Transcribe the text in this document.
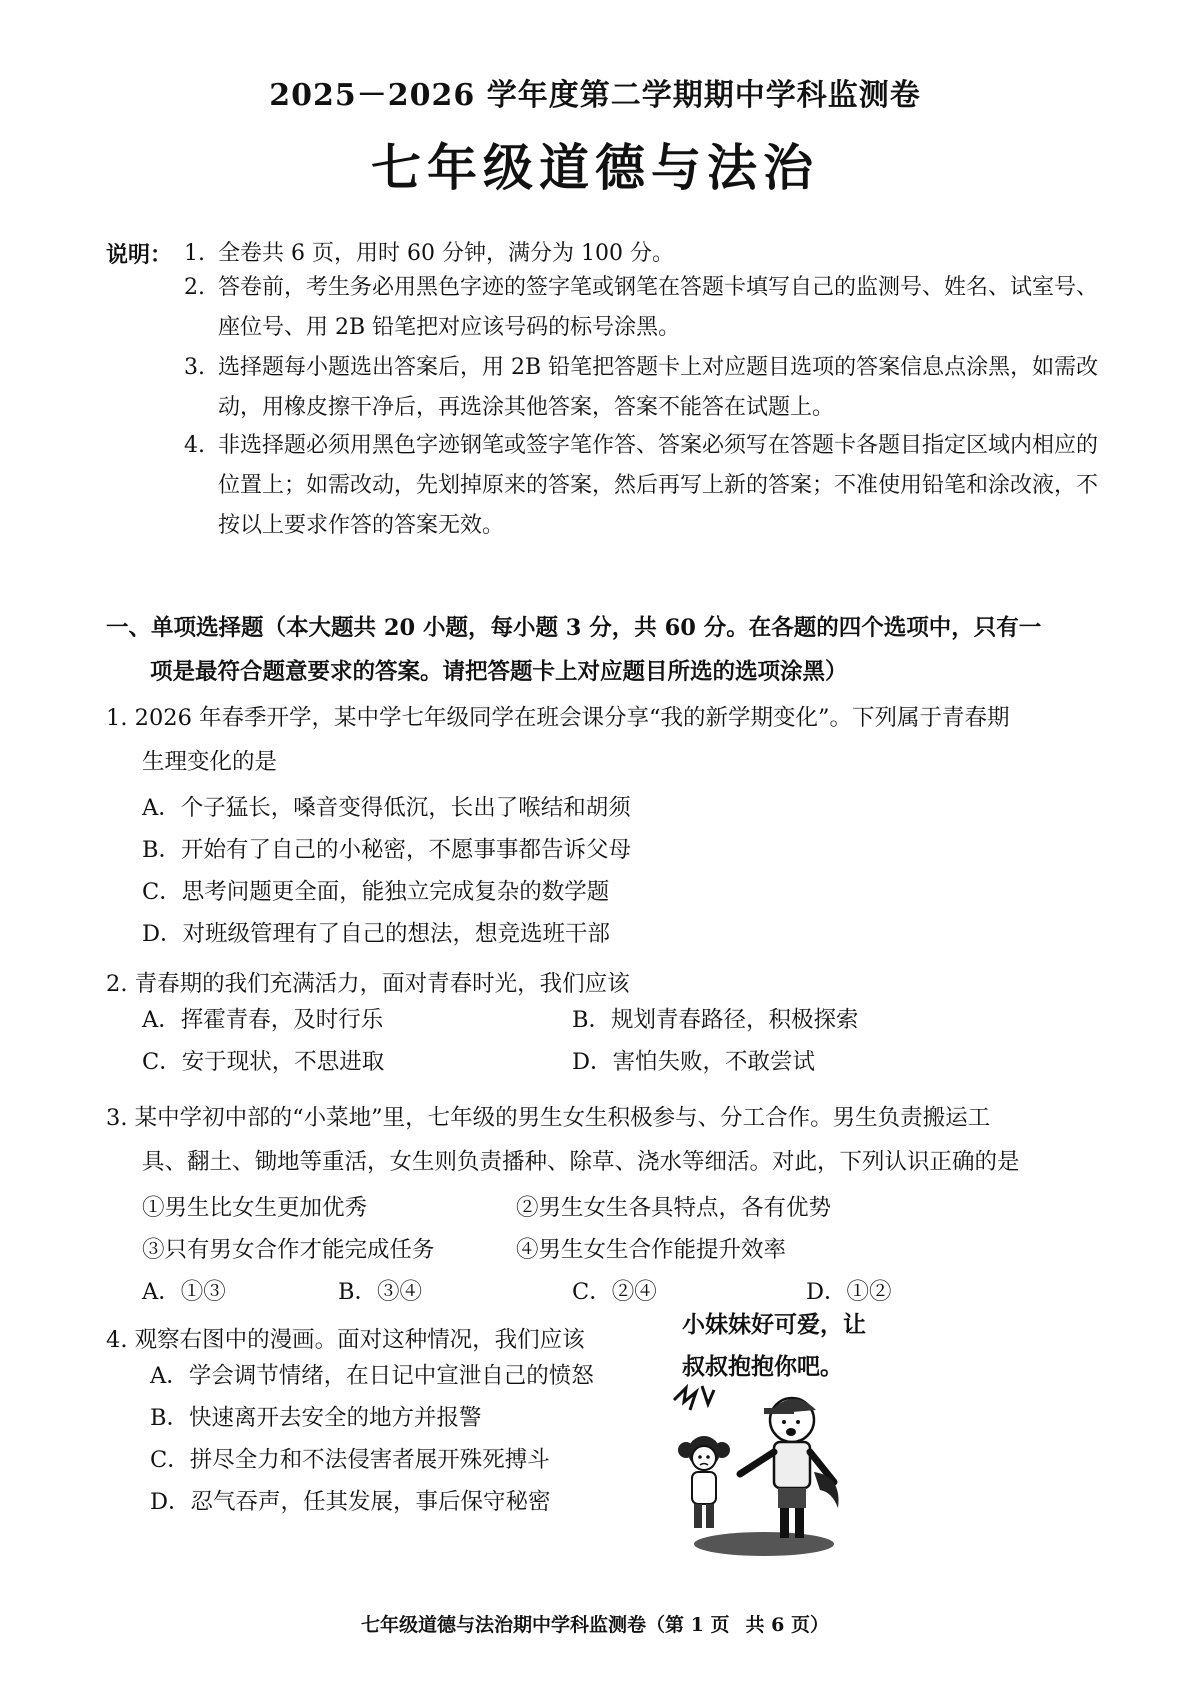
2025－2026 学年度第二学期期中学科监测卷
七年级道德与法治
说明： 1. 全卷共 6 页，用时 60 分钟，满分为 100 分。
2. 答卷前，考生务必用黑色字迹的签字笔或钢笔在答题卡填写自己的监测号、姓名、试室号、座位号、用 2B 铅笔把对应该号码的标号涂黑。
3. 选择题每小题选出答案后，用 2B 铅笔把答题卡上对应题目选项的答案信息点涂黑，如需改动，用橡皮擦干净后，再选涂其他答案，答案不能答在试题上。
4. 非选择题必须用黑色字迹钢笔或签字笔作答、答案必须写在答题卡各题目指定区域内相应的位置上；如需改动，先划掉原来的答案，然后再写上新的答案；不准使用铅笔和涂改液，不按以上要求作答的答案无效。
一、单项选择题（本大题共 20 小题，每小题 3 分，共 60 分。在各题的四个选项中，只有一
项是最符合题意要求的答案。请把答题卡上对应题目所选的选项涂黑）
1. 2026 年春季开学，某中学七年级同学在班会课分享“我的新学期变化”。下列属于青春期
生理变化的是
A．个子猛长，嗓音变得低沉，长出了喉结和胡须
B．开始有了自己的小秘密，不愿事事都告诉父母
C．思考问题更全面，能独立完成复杂的数学题
D．对班级管理有了自己的想法，想竞选班干部
2. 青春期的我们充满活力，面对青春时光，我们应该
A．挥霍青春，及时行乐	B．规划青春路径，积极探索
C．安于现状，不思进取	D．害怕失败，不敢尝试
3. 某中学初中部的“小菜地”里，七年级的男生女生积极参与、分工合作。男生负责搬运工
具、翻土、锄地等重活，女生则负责播种、除草、浇水等细活。对此，下列认识正确的是
①男生比女生更加优秀	②男生女生各具特点，各有优势
③只有男女合作才能完成任务	④男生女生合作能提升效率
A．①③	B．③④	C．②④	D．①②
4. 观察右图中的漫画。面对这种情况，我们应该
A．学会调节情绪，在日记中宣泄自己的愤怒
B．快速离开去安全的地方并报警
C．拼尽全力和不法侵害者展开殊死搏斗
D．忍气吞声，任其发展，事后保守秘密
小妹妹好可爱，让
叔叔抱抱你吧。
七年级道德与法治期中学科监测卷（第 1 页 共 6 页）
